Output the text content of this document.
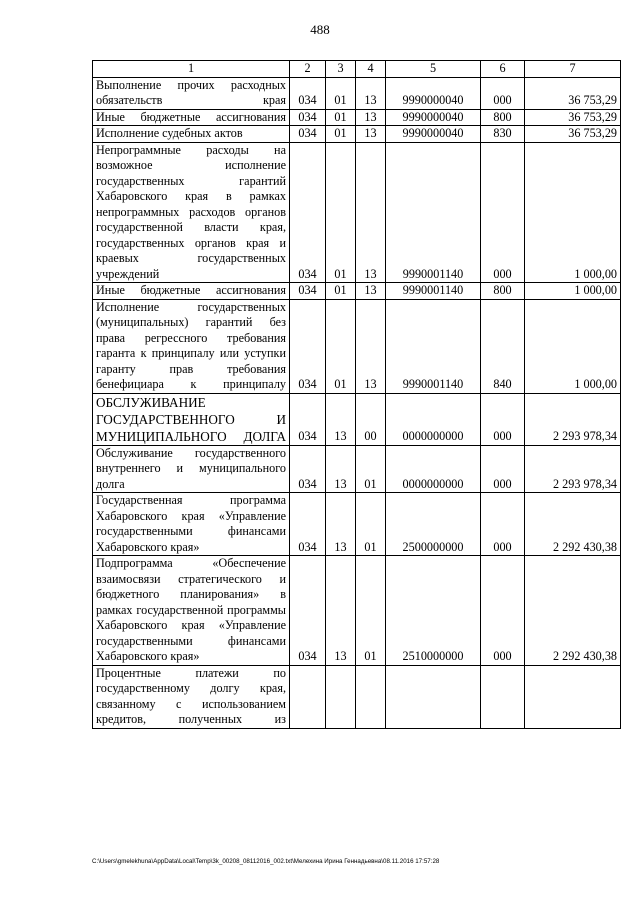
488
1	2	3	4	5	6	7
Выполнение прочих расходных обязательств края	034	01	13	9990000040	000	36 753,29
Иные бюджетные ассигнования	034	01	13	9990000040	800	36 753,29
Исполнение судебных актов	034	01	13	9990000040	830	36 753,29
Непрограммные расходы на возможное исполнение государственных гарантий Хабаровского края в рамках непрограммных расходов органов государственной власти края, государственных органов края и краевых государственных учреждений	034	01	13	9990001140	000	1 000,00
Иные бюджетные ассигнования	034	01	13	9990001140	800	1 000,00
Исполнение государственных (муниципальных) гарантий без права регрессного требования гаранта к принципалу или уступки гаранту прав требования бенефициара к принципалу	034	01	13	9990001140	840	1 000,00
ОБСЛУЖИВАНИЕ ГОСУДАРСТВЕННОГО И МУНИЦИПАЛЬНОГО ДОЛГА	034	13	00	0000000000	000	2 293 978,34
Обслуживание государственного внутреннего и муниципального долга	034	13	01	0000000000	000	2 293 978,34
Государственная программа Хабаровского края «Управление государственными финансами Хабаровского края»	034	13	01	2500000000	000	2 292 430,38
Подпрограмма «Обеспечение взаимосвязи стратегического и бюджетного планирования» в рамках государственной программы Хабаровского края «Управление государственными финансами Хабаровского края»	034	13	01	2510000000	000	2 292 430,38
Процентные платежи по государственному долгу края, связанному с использованием кредитов, полученных из						
C:\Users\gmelekhuna\AppData\Local\Temp\3k_00208_08112016_002.txt\Мелехина Ирина Геннадьевна\08.11.2016 17:57:28
